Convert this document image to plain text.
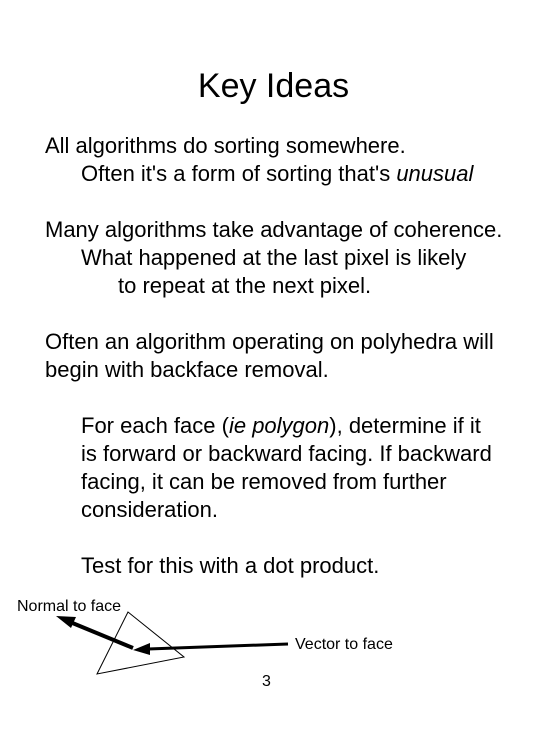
Key Ideas
All algorithms do sorting somewhere.
Often it's a form of sorting that's unusual
Many algorithms take advantage of coherence.
What happened at the last pixel is likely
to repeat at the next pixel.
Often an algorithm operating on polyhedra will
begin with backface removal.
For each face (ie polygon), determine if it
is forward or backward facing. If backward
facing, it can be removed from further
consideration.
Test for this with a dot product.
Normal to face
Vector to face
3
